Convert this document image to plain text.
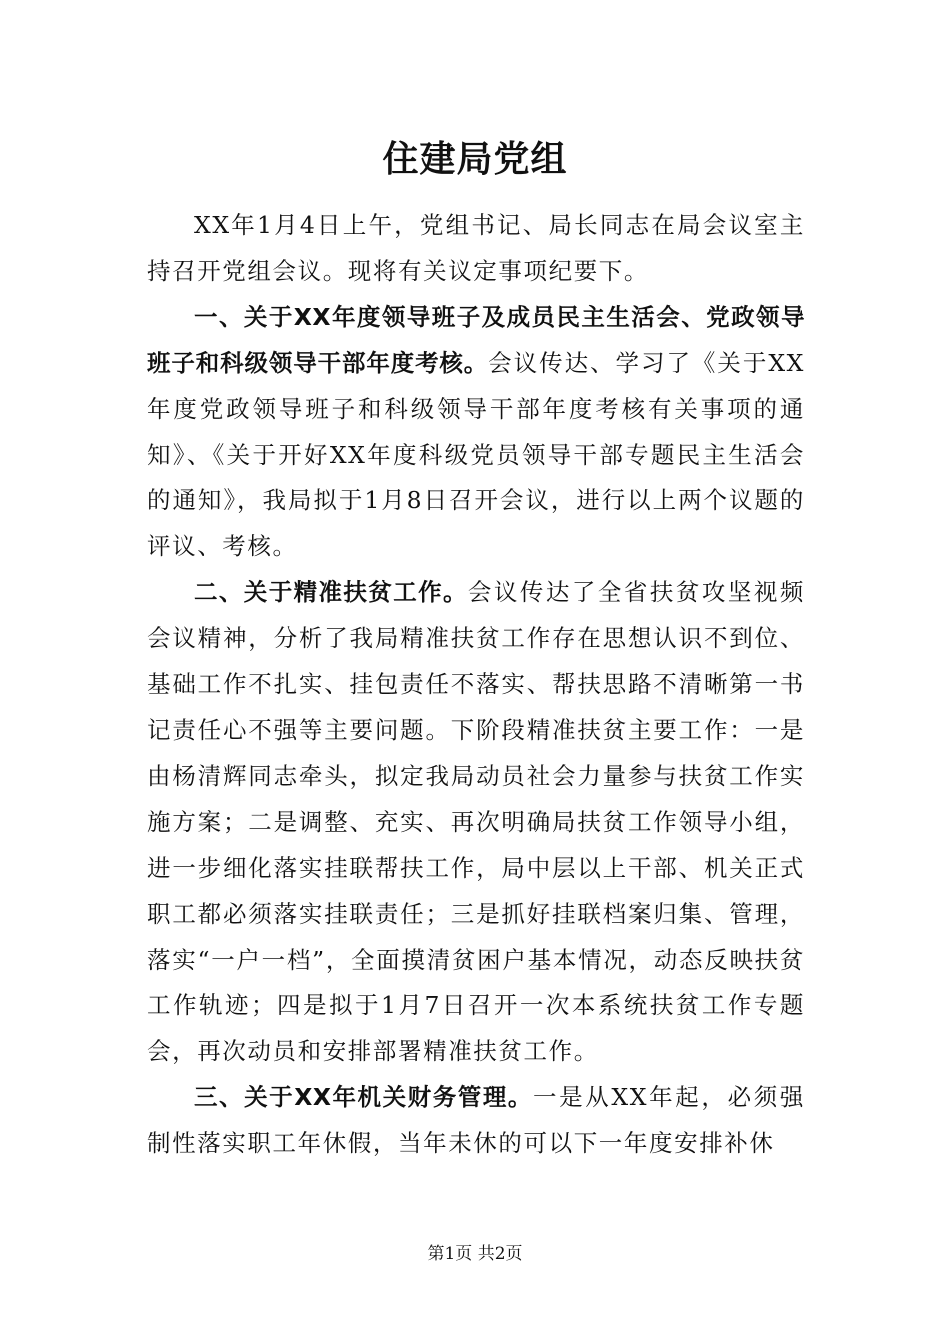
住建局党组

XX年1月4日上午，党组书记、局长同志在局会议室主持召开党组会议。现将有关议定事项纪要下。

一、关于XX年度领导班子及成员民主生活会、党政领导班子和科级领导干部年度考核。会议传达、学习了《关于XX年度党政领导班子和科级领导干部年度考核有关事项的通知》、《关于开好XX年度科级党员领导干部专题民主生活会的通知》，我局拟于1月8日召开会议，进行以上两个议题的评议、考核。

二、关于精准扶贫工作。会议传达了全省扶贫攻坚视频会议精神，分析了我局精准扶贫工作存在思想认识不到位、基础工作不扎实、挂包责任不落实、帮扶思路不清晰第一书记责任心不强等主要问题。下阶段精准扶贫主要工作：一是由杨清辉同志牵头，拟定我局动员社会力量参与扶贫工作实施方案；二是调整、充实、再次明确局扶贫工作领导小组，进一步细化落实挂联帮扶工作，局中层以上干部、机关正式职工都必须落实挂联责任；三是抓好挂联档案归集、管理，落实“一户一档”，全面摸清贫困户基本情况，动态反映扶贫工作轨迹；四是拟于1月7日召开一次本系统扶贫工作专题会，再次动员和安排部署精准扶贫工作。

三、关于XX年机关财务管理。一是从XX年起，必须强制性落实职工年休假，当年未休的可以下一年度安排补休

第1页 共2页
